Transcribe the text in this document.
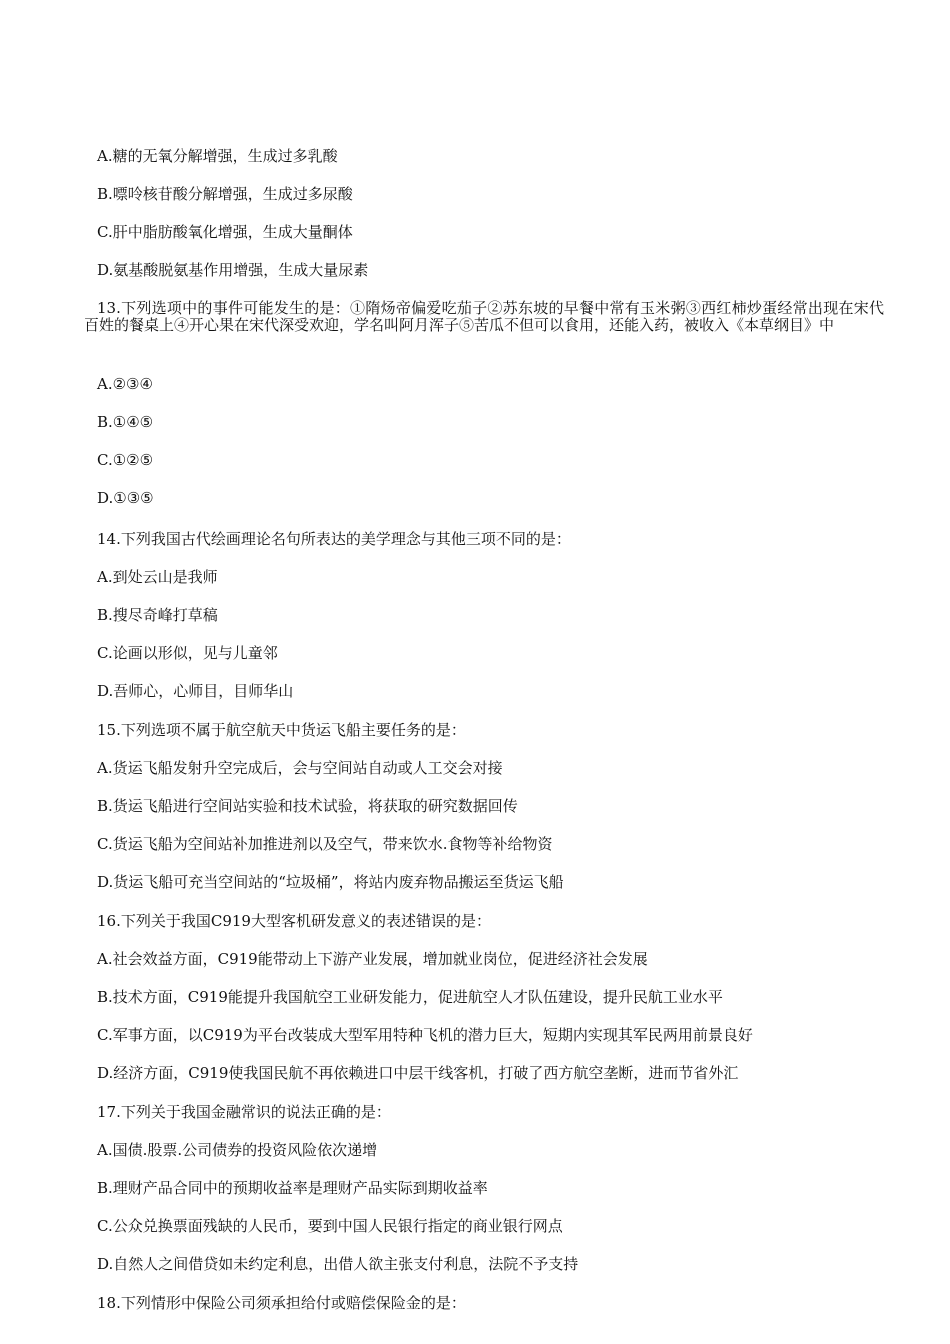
A.糖的无氧分解增强，生成过多乳酸
B.嘌呤核苷酸分解增强，生成过多尿酸
C.肝中脂肪酸氧化增强，生成大量酮体
D.氨基酸脱氨基作用增强，生成大量尿素
13.下列选项中的事件可能发生的是：①隋炀帝偏爱吃茄子②苏东坡的早餐中常有玉米粥③西红柿炒蛋经常出现在宋代百姓的餐桌上④开心果在宋代深受欢迎，学名叫阿月浑子⑤苦瓜不但可以食用，还能入药，被收入《本草纲目》中
A.②③④
B.①④⑤
C.①②⑤
D.①③⑤
14.下列我国古代绘画理论名句所表达的美学理念与其他三项不同的是：
A.到处云山是我师
B.搜尽奇峰打草稿
C.论画以形似，见与儿童邻
D.吾师心，心师目，目师华山
15.下列选项不属于航空航天中货运飞船主要任务的是：
A.货运飞船发射升空完成后，会与空间站自动或人工交会对接
B.货运飞船进行空间站实验和技术试验，将获取的研究数据回传
C.货运飞船为空间站补加推进剂以及空气，带来饮水.食物等补给物资
D.货运飞船可充当空间站的“垃圾桶”，将站内废弃物品搬运至货运飞船
16.下列关于我国C919大型客机研发意义的表述错误的是：
A.社会效益方面，C919能带动上下游产业发展，增加就业岗位，促进经济社会发展
B.技术方面，C919能提升我国航空工业研发能力，促进航空人才队伍建设，提升民航工业水平
C.军事方面，以C919为平台改装成大型军用特种飞机的潜力巨大，短期内实现其军民两用前景良好
D.经济方面，C919使我国民航不再依赖进口中层干线客机，打破了西方航空垄断，进而节省外汇
17.下列关于我国金融常识的说法正确的是：
A.国债.股票.公司债券的投资风险依次递增
B.理财产品合同中的预期收益率是理财产品实际到期收益率
C.公众兑换票面残缺的人民币，要到中国人民银行指定的商业银行网点
D.自然人之间借贷如未约定利息，出借人欲主张支付利息，法院不予支持
18.下列情形中保险公司须承担给付或赔偿保险金的是：
